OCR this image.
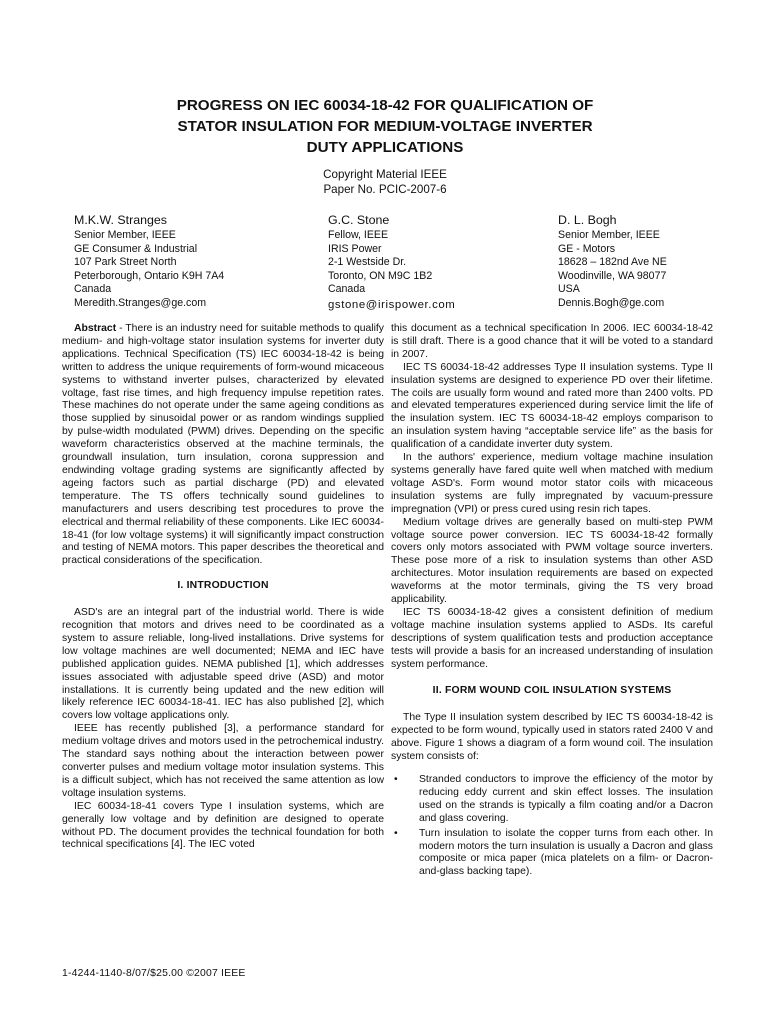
PROGRESS ON IEC 60034-18-42 FOR QUALIFICATION OF
STATOR INSULATION FOR MEDIUM-VOLTAGE INVERTER
DUTY APPLICATIONS
Copyright Material IEEE
Paper No. PCIC-2007-6
M.K.W. Stranges
Senior Member, IEEE
GE Consumer & Industrial
107 Park Street North
Peterborough, Ontario K9H 7A4
Canada
Meredith.Stranges@ge.com
G.C. Stone
Fellow, IEEE
IRIS Power
2-1 Westside Dr.
Toronto, ON M9C 1B2
Canada
gstone@irispower.com
D. L. Bogh
Senior Member, IEEE
GE - Motors
18628 – 182nd Ave NE
Woodinville, WA 98077
USA
Dennis.Bogh@ge.com

Abstract - There is an industry need for suitable methods to qualify medium- and high-voltage stator insulation systems for inverter duty applications. Technical Specification (TS) IEC 60034-18-42 is being written to address the unique requirements of form-wound micaceous systems to withstand inverter pulses, characterized by elevated voltage, fast rise times, and high frequency impulse repetition rates. These machines do not operate under the same ageing conditions as those supplied by sinusoidal power or as random windings supplied by pulse-width modulated (PWM) drives. Depending on the specific waveform characteristics observed at the machine terminals, the groundwall insulation, turn insulation, corona suppression and endwinding voltage grading systems are significantly affected by ageing factors such as partial discharge (PD) and elevated temperature. The TS offers technically sound guidelines to manufacturers and users describing test procedures to prove the electrical and thermal reliability of these components. Like IEC 60034-18-41 (for low voltage systems) it will significantly impact construction and testing of NEMA motors. This paper describes the theoretical and practical considerations of the specification.

I. INTRODUCTION

ASD's are an integral part of the industrial world. There is wide recognition that motors and drives need to be coordinated as a system to assure reliable, long-lived installations. Drive systems for low voltage machines are well documented; NEMA and IEC have published application guides. NEMA published [1], which addresses issues associated with adjustable speed drive (ASD) and motor installations. It is currently being updated and the new edition will likely reference IEC 60034-18-41. IEC has also published [2], which covers low voltage applications only.

IEEE has recently published [3], a performance standard for medium voltage drives and motors used in the petrochemical industry. The standard says nothing about the interaction between power converter pulses and medium voltage motor insulation systems. This is a difficult subject, which has not received the same attention as low voltage insulation systems.

IEC 60034-18-41 covers Type I insulation systems, which are generally low voltage and by definition are designed to operate without PD. The document provides the technical foundation for both technical specifications [4]. The IEC voted

this document as a technical specification In 2006. IEC 60034-18-42 is still draft. There is a good chance that it will be voted to a standard in 2007.

IEC TS 60034-18-42 addresses Type II insulation systems. Type II insulation systems are designed to experience PD over their lifetime. The coils are usually form wound and rated more than 2400 volts. PD and elevated temperatures experienced during service limit the life of the insulation system. IEC TS 60034-18-42 employs comparison to an insulation system having “acceptable service life” as the basis for qualification of a candidate inverter duty system.

In the authors' experience, medium voltage machine insulation systems generally have fared quite well when matched with medium voltage ASD's. Form wound motor stator coils with micaceous insulation systems are fully impregnated by vacuum-pressure impregnation (VPI) or press cured using resin rich tapes.

Medium voltage drives are generally based on multi-step PWM voltage source power conversion. IEC TS 60034-18-42 formally covers only motors associated with PWM voltage source inverters. These pose more of a risk to insulation systems than other ASD architectures. Motor insulation requirements are based on expected waveforms at the motor terminals, giving the TS very broad applicability.

IEC TS 60034-18-42 gives a consistent definition of medium voltage machine insulation systems applied to ASDs. Its careful descriptions of system qualification tests and production acceptance tests will provide a basis for an increased understanding of insulation system performance.

II. FORM WOUND COIL INSULATION SYSTEMS

The Type II insulation system described by IEC TS 60034-18-42 is expected to be form wound, typically used in stators rated 2400 V and above. Figure 1 shows a diagram of a form wound coil. The insulation system consists of:

• Stranded conductors to improve the efficiency of the motor by reducing eddy current and skin effect losses. The insulation used on the strands is typically a film coating and/or a Dacron and glass covering.
• Turn insulation to isolate the copper turns from each other. In modern motors the turn insulation is usually a Dacron and glass composite or mica paper (mica platelets on a film- or Dacron-and-glass backing tape).
1-4244-1140-8/07/$25.00 ©2007 IEEE
